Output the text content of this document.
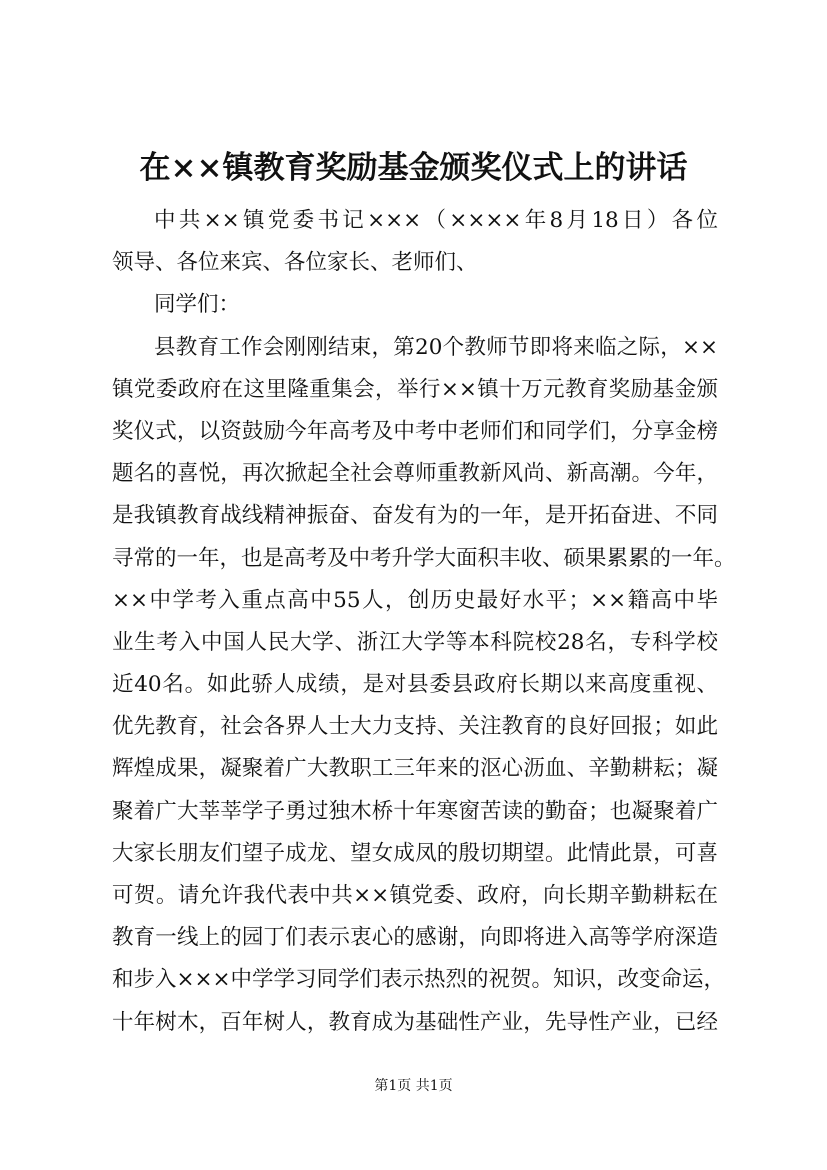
在××镇教育奖励基金颁奖仪式上的讲话
中共××镇党委书记×××（××××年8月18日）各位
领导、各位来宾、各位家长、老师们、
同学们：
县教育工作会刚刚结束，第20个教师节即将来临之际，××
镇党委政府在这里隆重集会，举行××镇十万元教育奖励基金颁
奖仪式，以资鼓励今年高考及中考中老师们和同学们，分享金榜
题名的喜悦，再次掀起全社会尊师重教新风尚、新高潮。今年，
是我镇教育战线精神振奋、奋发有为的一年，是开拓奋进、不同
寻常的一年，也是高考及中考升学大面积丰收、硕果累累的一年。
××中学考入重点高中55人，创历史最好水平；××籍高中毕
业生考入中国人民大学、浙江大学等本科院校28名，专科学校
近40名。如此骄人成绩，是对县委县政府长期以来高度重视、
优先教育，社会各界人士大力支持、关注教育的良好回报；如此
辉煌成果，凝聚着广大教职工三年来的沤心沥血、辛勤耕耘；凝
聚着广大莘莘学子勇过独木桥十年寒窗苦读的勤奋；也凝聚着广
大家长朋友们望子成龙、望女成凤的殷切期望。此情此景，可喜
可贺。请允许我代表中共××镇党委、政府，向长期辛勤耕耘在
教育一线上的园丁们表示衷心的感谢，向即将进入高等学府深造
和步入×××中学学习同学们表示热烈的祝贺。知识，改变命运，
十年树木，百年树人，教育成为基础性产业，先导性产业，已经
第1页 共1页
